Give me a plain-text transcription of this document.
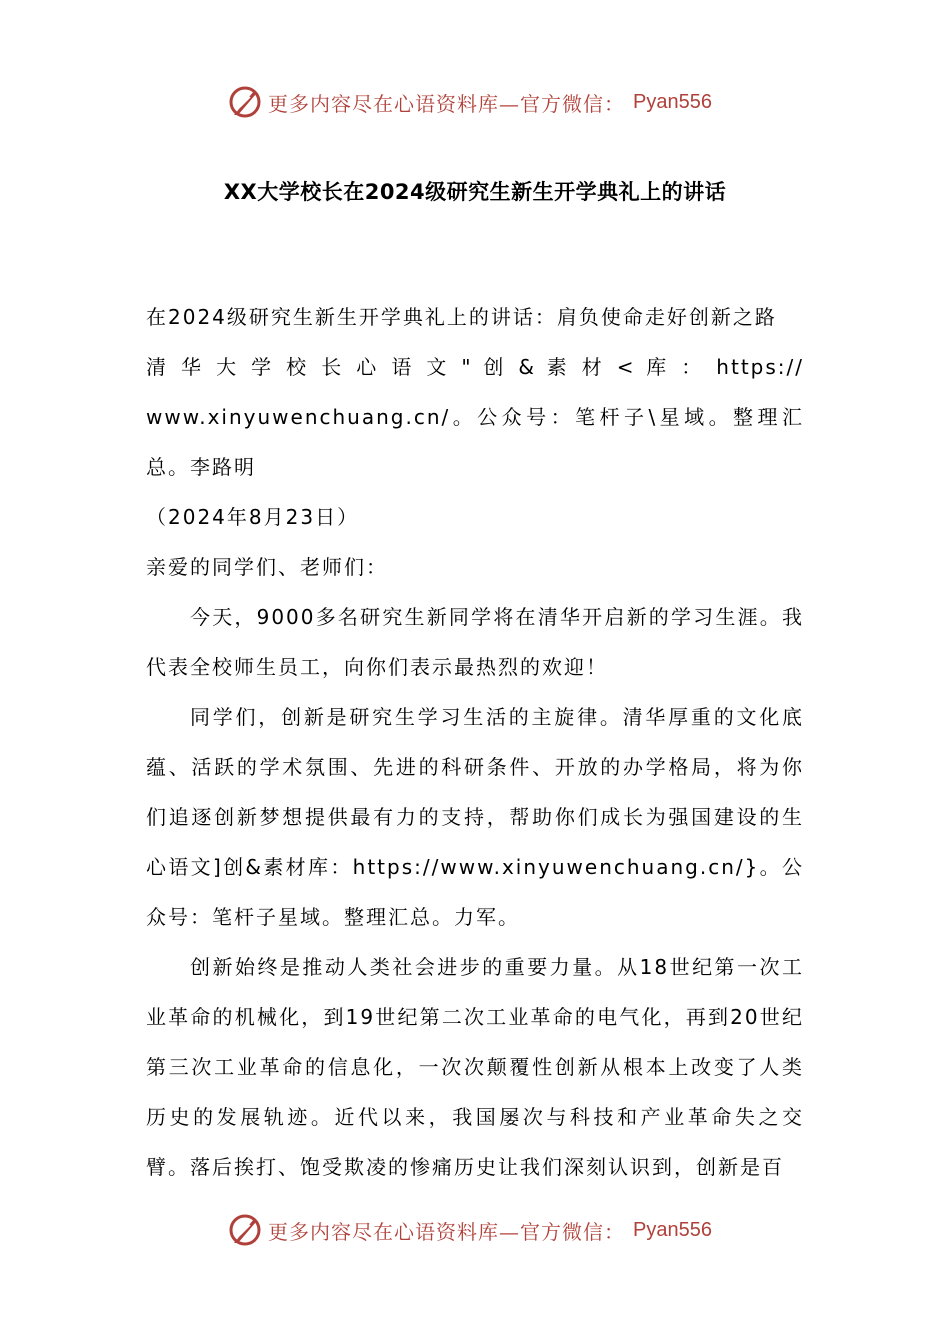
更多内容尽在心语资料库—官方微信： Pyan556
XX大学校长在2024级研究生新生开学典礼上的讲话

在2024级研究生新生开学典礼上的讲话：肩负使命走好创新之路

清 华 大 学 校 长 心 语 文 " 创 & 素 材 < 库 ： https://

www.xinyuwenchuang.cn/。公众号：笔杆子\星域。整理汇总。李路明

（2024年8月23日）

亲爱的同学们、老师们：

今天，9000多名研究生新同学将在清华开启新的学习生涯。我代表全校师生员工，向你们表示最热烈的欢迎！

同学们，创新是研究生学习生活的主旋律。清华厚重的文化底蕴、活跃的学术氛围、先进的科研条件、开放的办学格局，将为你们追逐创新梦想提供最有力的支持，帮助你们成长为强国建设的生心语文]创&素材库：https://www.xinyuwenchuang.cn/}。公众号：笔杆子星域。整理汇总。力军。

创新始终是推动人类社会进步的重要力量。从18世纪第一次工业革命的机械化，到19世纪第二次工业革命的电气化，再到20世纪第三次工业革命的信息化，一次次颠覆性创新从根本上改变了人类历史的发展轨迹。近代以来，我国屡次与科技和产业革命失之交臂。落后挨打、饱受欺凌的惨痛历史让我们深刻认识到，创新是百

更多内容尽在心语资料库—官方微信： Pyan556
